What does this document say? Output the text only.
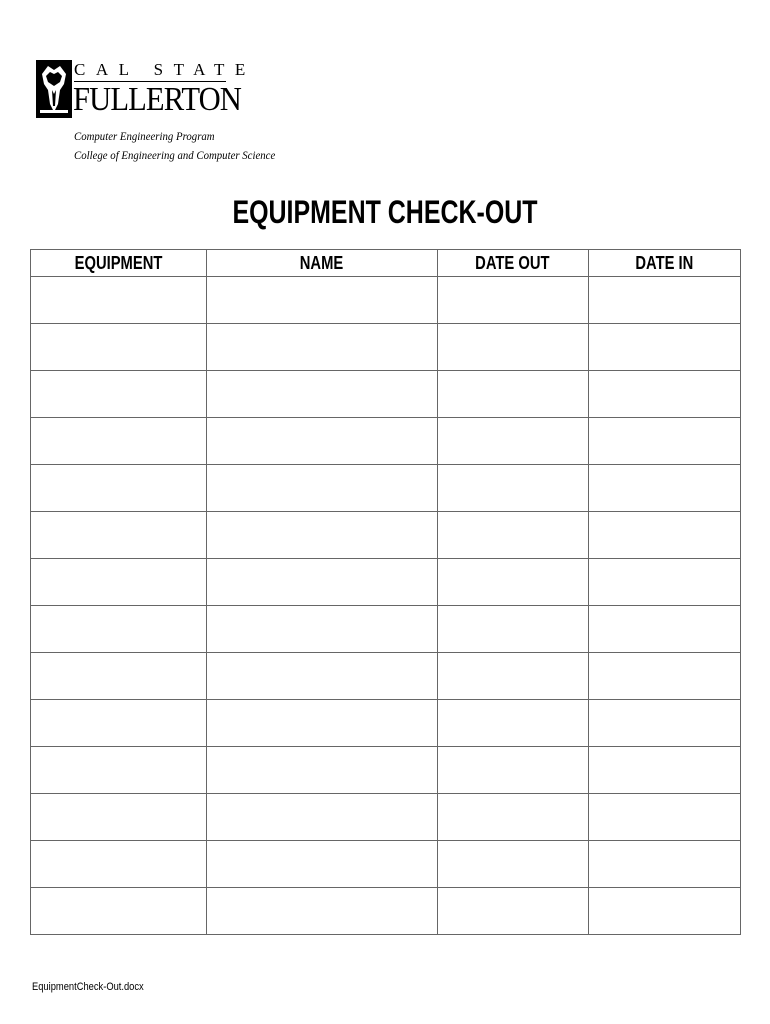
CAL STATE
FULLERTON
Computer Engineering Program
College of Engineering and Computer Science
EQUIPMENT CHECK-OUT
EQUIPMENT	NAME	DATE OUT	DATE IN

EquipmentCheck-Out.docx
